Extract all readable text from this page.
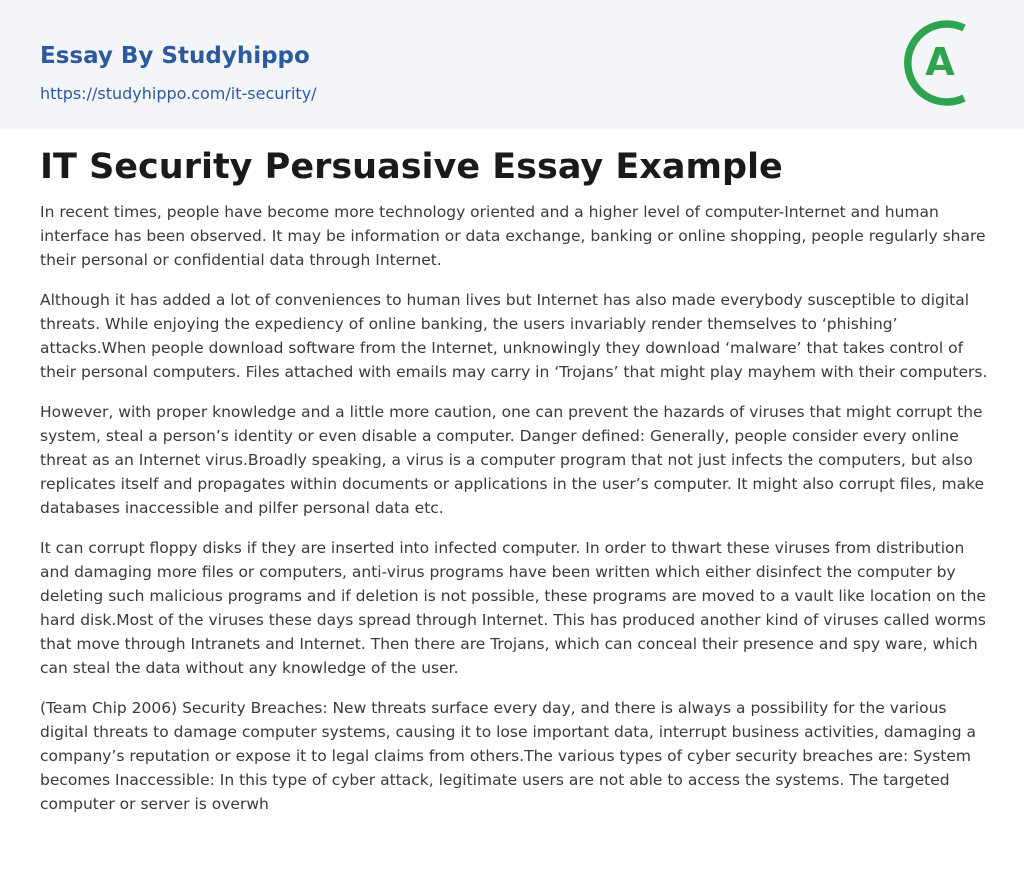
Essay By Studyhippo
https://studyhippo.com/it-security/
A
IT Security Persuasive Essay Example

In recent times, people have become more technology oriented and a higher level of computer-Internet and human interface has been observed. It may be information or data exchange, banking or online shopping, people regularly share their personal or confidential data through Internet.

Although it has added a lot of conveniences to human lives but Internet has also made everybody susceptible to digital threats. While enjoying the expediency of online banking, the users invariably render themselves to ‘phishing’ attacks.When people download software from the Internet, unknowingly they download ‘malware’ that takes control of their personal computers. Files attached with emails may carry in ‘Trojans’ that might play mayhem with their computers.

However, with proper knowledge and a little more caution, one can prevent the hazards of viruses that might corrupt the system, steal a person’s identity or even disable a computer. Danger defined: Generally, people consider every online threat as an Internet virus.Broadly speaking, a virus is a computer program that not just infects the computers, but also replicates itself and propagates within documents or applications in the user’s computer. It might also corrupt files, make databases inaccessible and pilfer personal data etc.

It can corrupt floppy disks if they are inserted into infected computer. In order to thwart these viruses from distribution and damaging more files or computers, anti-virus programs have been written which either disinfect the computer by deleting such malicious programs and if deletion is not possible, these programs are moved to a vault like location on the hard disk.Most of the viruses these days spread through Internet. This has produced another kind of viruses called worms that move through Intranets and Internet. Then there are Trojans, which can conceal their presence and spy ware, which can steal the data without any knowledge of the user.

(Team Chip 2006) Security Breaches: New threats surface every day, and there is always a possibility for the various digital threats to damage computer systems, causing it to lose important data, interrupt business activities, damaging a company’s reputation or expose it to legal claims from others.The various types of cyber security breaches are: System becomes Inaccessible: In this type of cyber attack, legitimate users are not able to access the systems. The targeted computer or server is overwh
